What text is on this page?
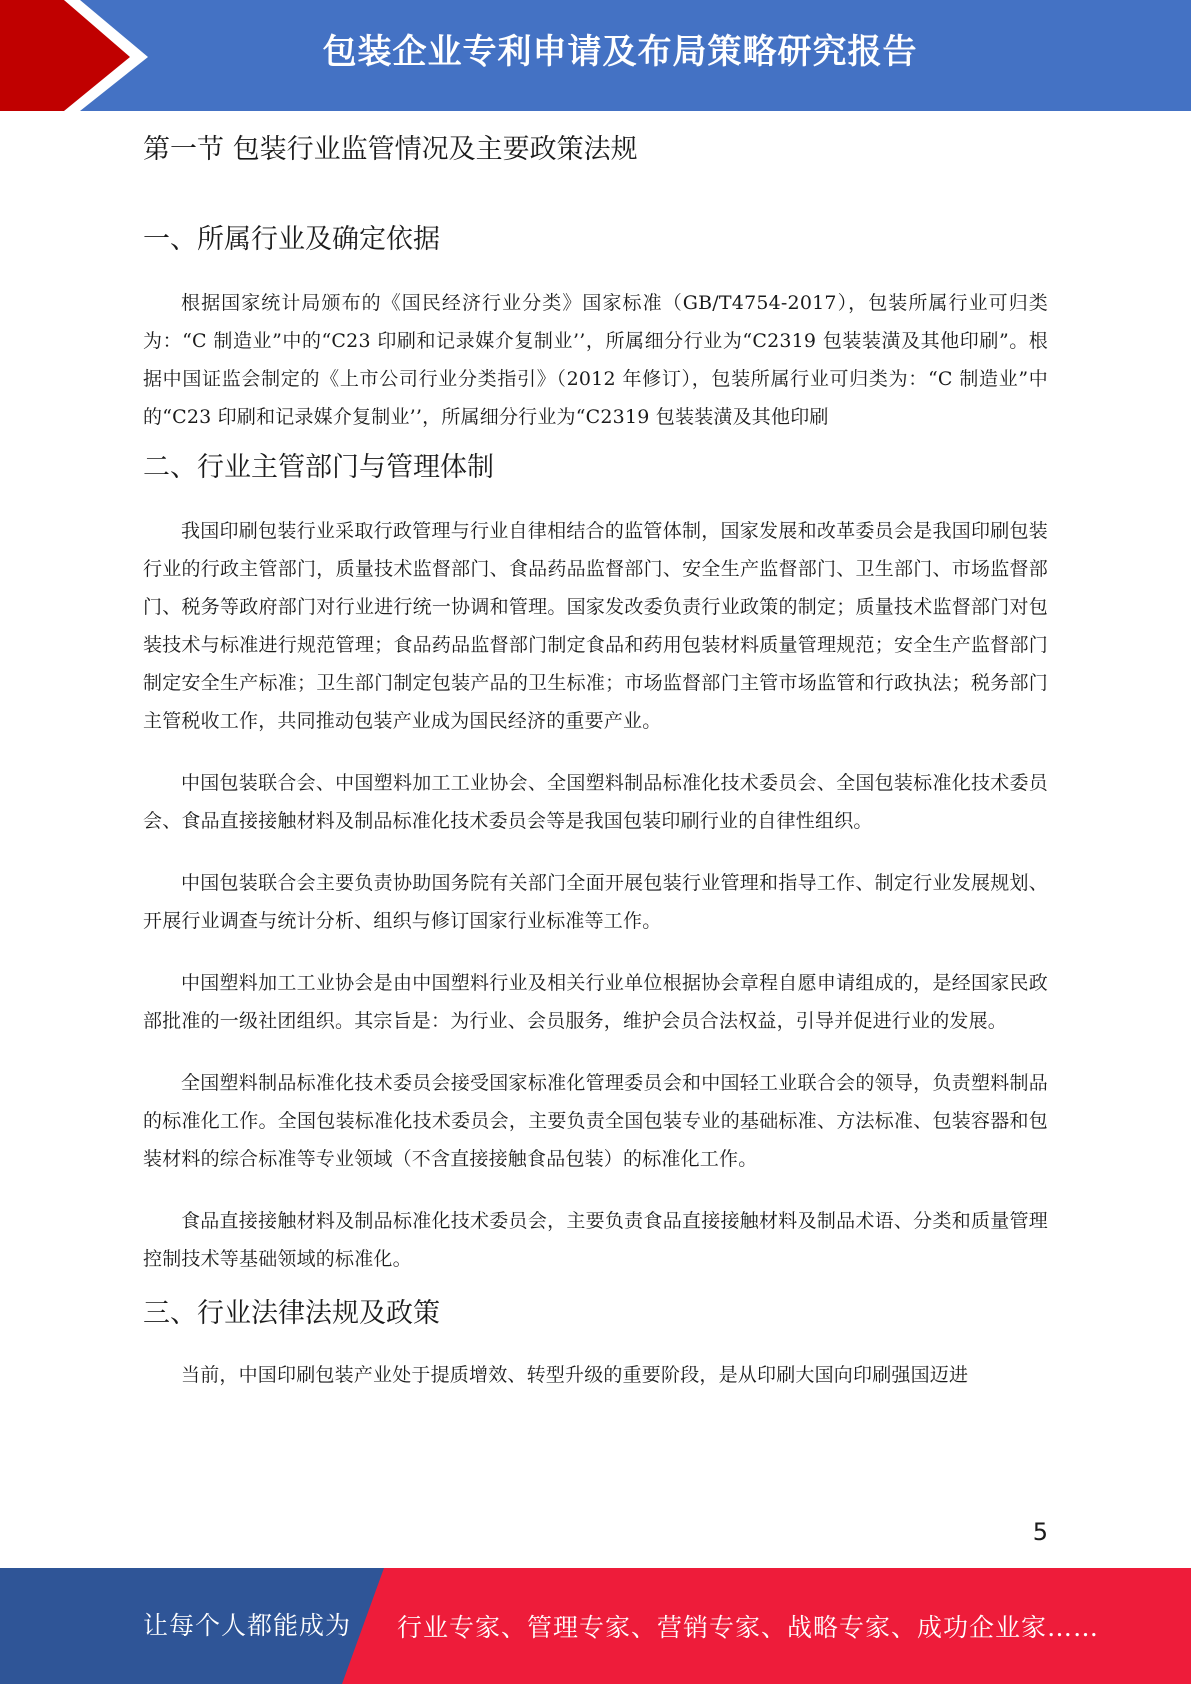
包装企业专利申请及布局策略研究报告
第一节 包装行业监管情况及主要政策法规
一、所属行业及确定依据

根据国家统计局颁布的《国民经济行业分类》国家标准（GB/T4754-2017），包装所属行业可归类为：“C 制造业”中的“C23 印刷和记录媒介复制业’’，所属细分行业为“C2319 包装装潢及其他印刷”。根据中国证监会制定的《上市公司行业分类指引》（2012 年修订），包装所属行业可归类为：“C 制造业”中的“C23 印刷和记录媒介复制业’’，所属细分行业为“C2319 包装装潢及其他印刷

二、行业主管部门与管理体制

我国印刷包装行业采取行政管理与行业自律相结合的监管体制，国家发展和改革委员会是我国印刷包装行业的行政主管部门，质量技术监督部门、食品药品监督部门、安全生产监督部门、卫生部门、市场监督部门、税务等政府部门对行业进行统一协调和管理。国家发改委负责行业政策的制定；质量技术监督部门对包装技术与标准进行规范管理；食品药品监督部门制定食品和药用包装材料质量管理规范；安全生产监督部门制定安全生产标准；卫生部门制定包装产品的卫生标准；市场监督部门主管市场监管和行政执法；税务部门主管税收工作，共同推动包装产业成为国民经济的重要产业。

中国包装联合会、中国塑料加工工业协会、全国塑料制品标准化技术委员会、全国包装标准化技术委员会、食品直接接触材料及制品标准化技术委员会等是我国包装印刷行业的自律性组织。

中国包装联合会主要负责协助国务院有关部门全面开展包装行业管理和指导工作、制定行业发展规划、开展行业调查与统计分析、组织与修订国家行业标准等工作。

中国塑料加工工业协会是由中国塑料行业及相关行业单位根据协会章程自愿申请组成的，是经国家民政部批准的一级社团组织。其宗旨是：为行业、会员服务，维护会员合法权益，引导并促进行业的发展。

全国塑料制品标准化技术委员会接受国家标准化管理委员会和中国轻工业联合会的领导，负责塑料制品的标准化工作。全国包装标准化技术委员会，主要负责全国包装专业的基础标准、方法标准、包装容器和包装材料的综合标准等专业领域（不含直接接触食品包装）的标准化工作。

食品直接接触材料及制品标准化技术委员会，主要负责食品直接接触材料及制品术语、分类和质量管理控制技术等基础领域的标准化。

三、行业法律法规及政策

当前，中国印刷包装产业处于提质增效、转型升级的重要阶段，是从印刷大国向印刷强国迈进

5
让每个人都能成为 行业专家、管理专家、营销专家、战略专家、成功企业家……
